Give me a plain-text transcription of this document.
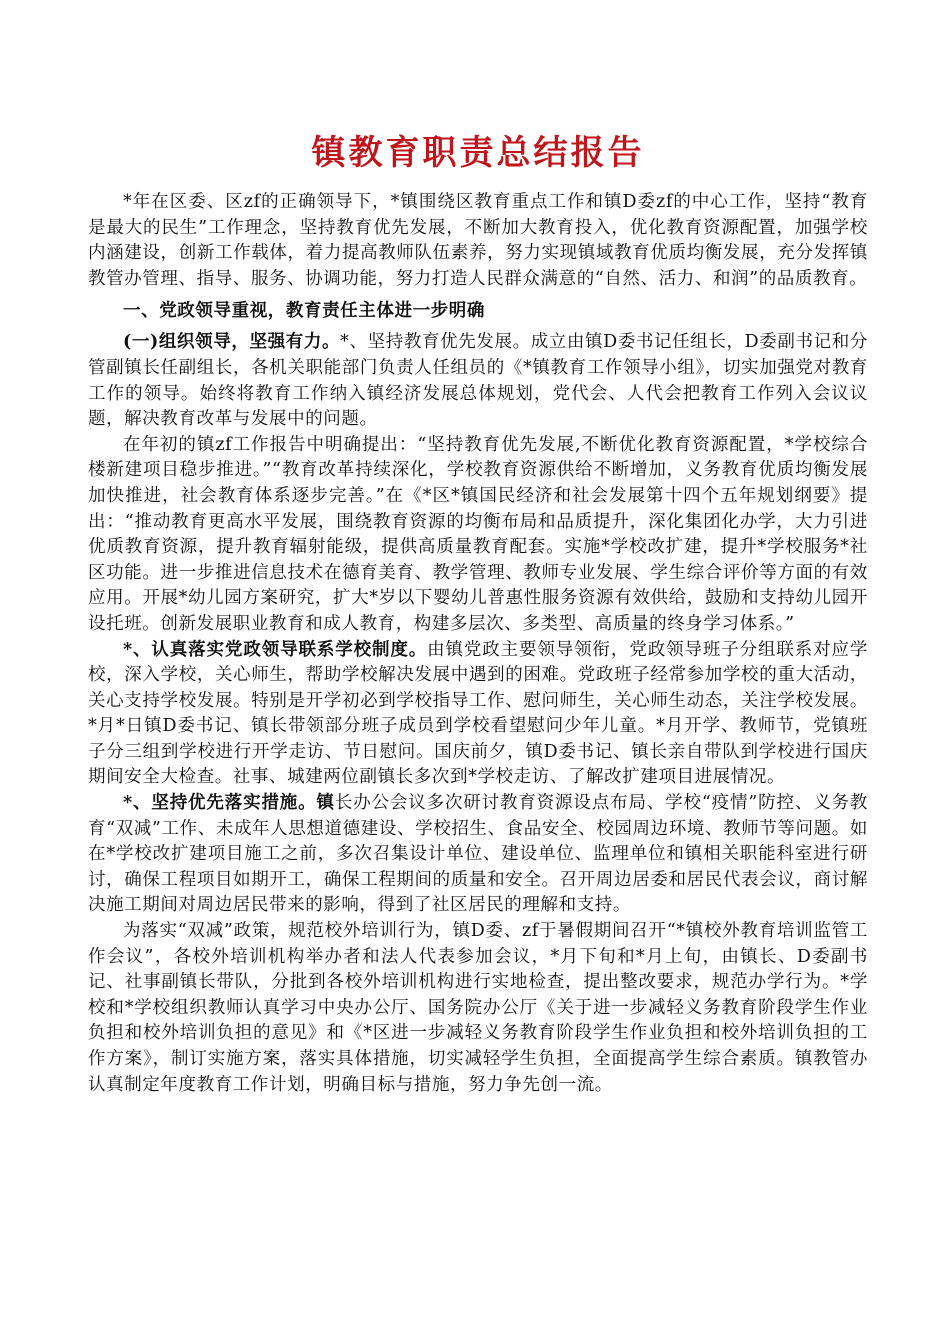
镇教育职责总结报告

*年在区委、区zf的正确领导下，*镇围绕区教育重点工作和镇D委zf的中心工作，坚持“教育是最大的民生”工作理念，坚持教育优先发展，不断加大教育投入，优化教育资源配置，加强学校内涵建设，创新工作载体，着力提高教师队伍素养，努力实现镇域教育优质均衡发展，充分发挥镇教管办管理、指导、服务、协调功能，努力打造人民群众满意的“自然、活力、和润”的品质教育。

一、党政领导重视，教育责任主体进一步明确

(一)组织领导，坚强有力。*、坚持教育优先发展。成立由镇D委书记任组长，D委副书记和分管副镇长任副组长，各机关职能部门负责人任组员的《*镇教育工作领导小组》，切实加强党对教育工作的领导。始终将教育工作纳入镇经济发展总体规划，党代会、人代会把教育工作列入会议议题，解决教育改革与发展中的问题。

在年初的镇zf工作报告中明确提出：“坚持教育优先发展,不断优化教育资源配置，*学校综合楼新建项目稳步推进。”“教育改革持续深化，学校教育资源供给不断增加，义务教育优质均衡发展加快推进，社会教育体系逐步完善。”在《*区*镇国民经济和社会发展第十四个五年规划纲要》提出：“推动教育更高水平发展，围绕教育资源的均衡布局和品质提升，深化集团化办学，大力引进优质教育资源，提升教育辐射能级，提供高质量教育配套。实施*学校改扩建，提升*学校服务*社区功能。进一步推进信息技术在德育美育、教学管理、教师专业发展、学生综合评价等方面的有效应用。开展*幼儿园方案研究，扩大*岁以下婴幼儿普惠性服务资源有效供给，鼓励和支持幼儿园开设托班。创新发展职业教育和成人教育，构建多层次、多类型、高质量的终身学习体系。”

*、认真落实党政领导联系学校制度。由镇党政主要领导领衔，党政领导班子分组联系对应学校，深入学校，关心师生，帮助学校解决发展中遇到的困难。党政班子经常参加学校的重大活动，关心支持学校发展。特别是开学初必到学校指导工作、慰问师生，关心师生动态，关注学校发展。*月*日镇D委书记、镇长带领部分班子成员到学校看望慰问少年儿童。*月开学、教师节，党镇班子分三组到学校进行开学走访、节日慰问。国庆前夕，镇D委书记、镇长亲自带队到学校进行国庆期间安全大检查。社事、城建两位副镇长多次到*学校走访、了解改扩建项目进展情况。

*、坚持优先落实措施。镇长办公会议多次研讨教育资源设点布局、学校“疫情”防控、义务教育“双减”工作、未成年人思想道德建设、学校招生、食品安全、校园周边环境、教师节等问题。如在*学校改扩建项目施工之前，多次召集设计单位、建设单位、监理单位和镇相关职能科室进行研讨，确保工程项目如期开工，确保工程期间的质量和安全。召开周边居委和居民代表会议，商讨解决施工期间对周边居民带来的影响，得到了社区居民的理解和支持。

为落实“双减”政策，规范校外培训行为，镇D委、zf于暑假期间召开“*镇校外教育培训监管工作会议”，各校外培训机构举办者和法人代表参加会议，*月下旬和*月上旬，由镇长、D委副书记、社事副镇长带队，分批到各校外培训机构进行实地检查，提出整改要求，规范办学行为。*学校和*学校组织教师认真学习中央办公厅、国务院办公厅《关于进一步减轻义务教育阶段学生作业负担和校外培训负担的意见》和《*区进一步减轻义务教育阶段学生作业负担和校外培训负担的工作方案》，制订实施方案，落实具体措施，切实减轻学生负担，全面提高学生综合素质。镇教管办认真制定年度教育工作计划，明确目标与措施，努力争先创一流。
